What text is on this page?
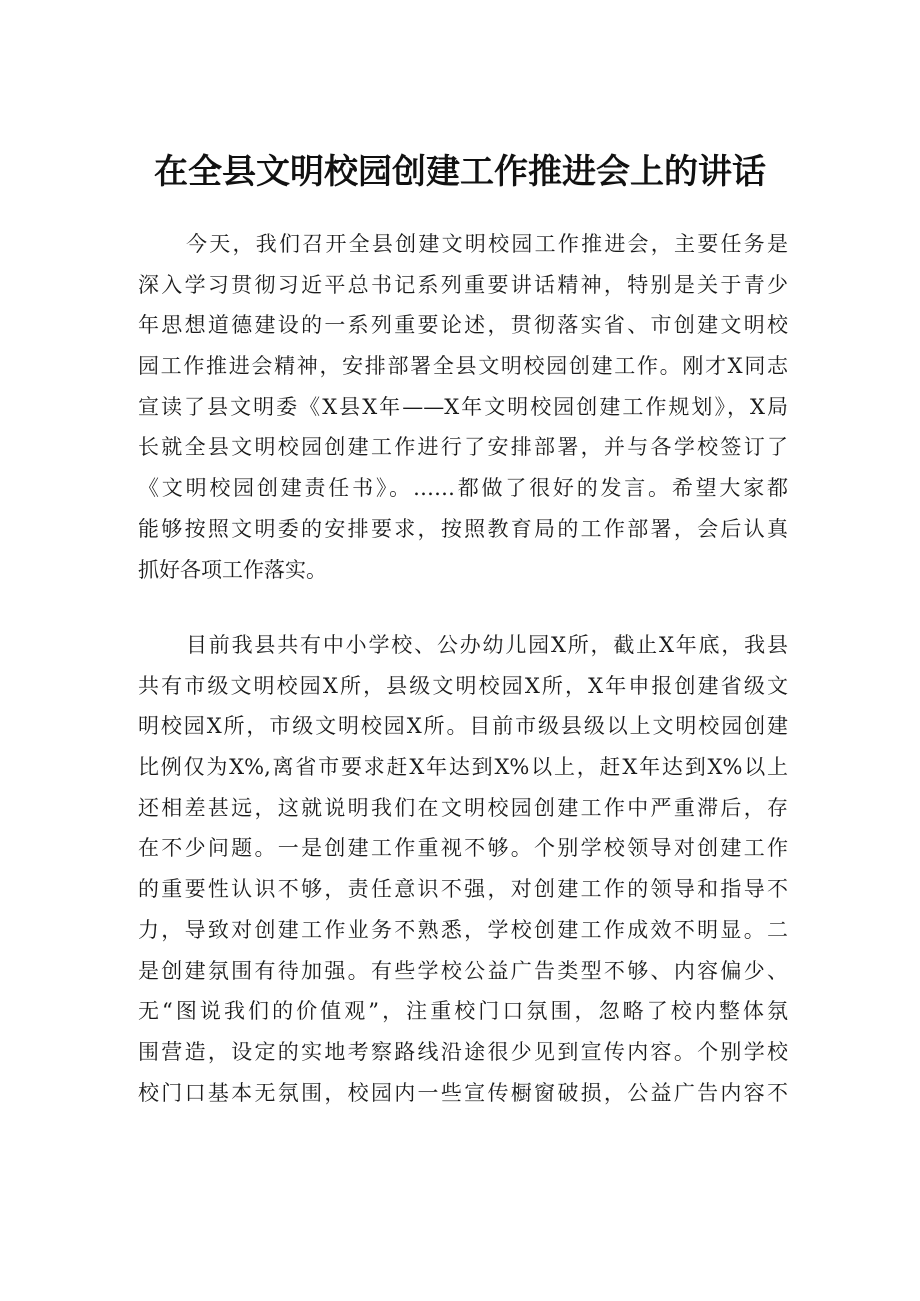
在全县文明校园创建工作推进会上的讲话
今天，我们召开全县创建文明校园工作推进会，主要任务是
深入学习贯彻习近平总书记系列重要讲话精神，特别是关于青少
年思想道德建设的一系列重要论述，贯彻落实省、市创建文明校
园工作推进会精神，安排部署全县文明校园创建工作。刚才X同志
宣读了县文明委《X县X年——X年文明校园创建工作规划》，X局
长就全县文明校园创建工作进行了安排部署，并与各学校签订了
《文明校园创建责任书》。……都做了很好的发言。希望大家都
能够按照文明委的安排要求，按照教育局的工作部署，会后认真
抓好各项工作落实。
目前我县共有中小学校、公办幼儿园X所，截止X年底，我县
共有市级文明校园X所，县级文明校园X所，X年申报创建省级文
明校园X所，市级文明校园X所。目前市级县级以上文明校园创建
比例仅为X%,离省市要求赶X年达到X%以上，赶X年达到X%以上
还相差甚远，这就说明我们在文明校园创建工作中严重滞后，存
在不少问题。一是创建工作重视不够。个别学校领导对创建工作
的重要性认识不够，责任意识不强，对创建工作的领导和指导不
力，导致对创建工作业务不熟悉，学校创建工作成效不明显。二
是创建氛围有待加强。有些学校公益广告类型不够、内容偏少、
无“图说我们的价值观”，注重校门口氛围，忽略了校内整体氛
围营造，设定的实地考察路线沿途很少见到宣传内容。个别学校
校门口基本无氛围，校园内一些宣传橱窗破损，公益广告内容不
